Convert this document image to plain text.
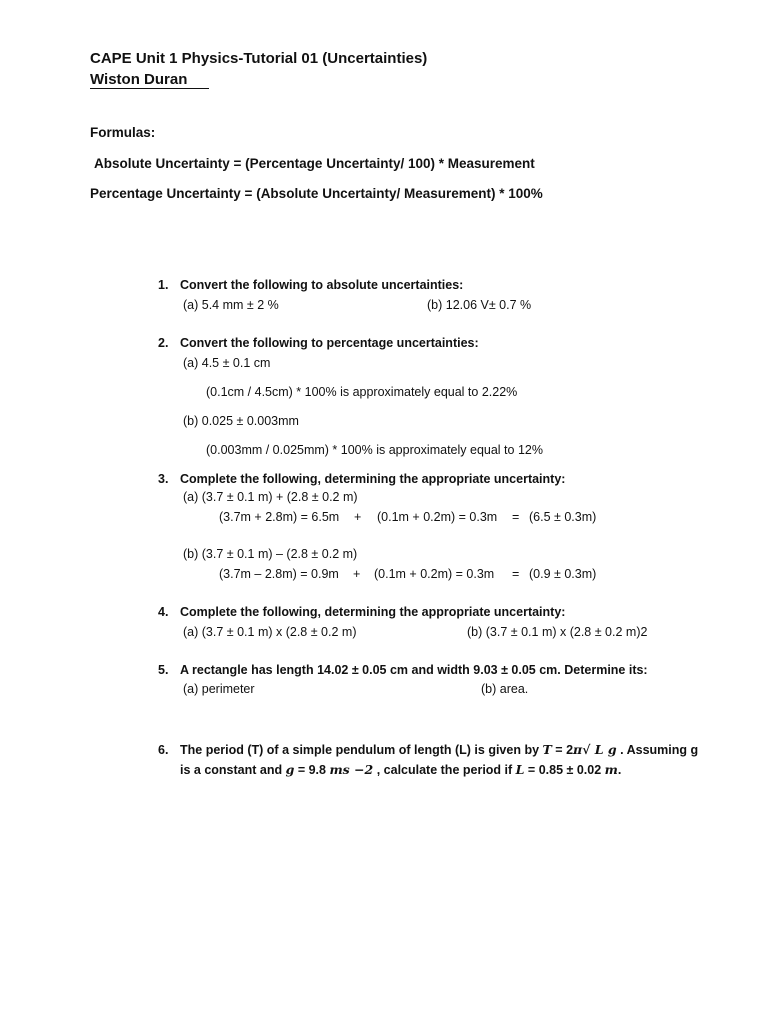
CAPE Unit 1 Physics-Tutorial 01 (Uncertainties)
Wiston Duran
Formulas:
Absolute Uncertainty = (Percentage Uncertainty/ 100) * Measurement
Percentage Uncertainty = (Absolute Uncertainty/ Measurement) * 100%
1. Convert the following to absolute uncertainties:
(a) 5.4 mm ± 2 %	(b) 12.06 V± 0.7 %
2. Convert the following to percentage uncertainties:
(a) 4.5 ± 0.1 cm
(0.1cm / 4.5cm) * 100% is approximately equal to 2.22%
(b) 0.025 ± 0.003mm
(0.003mm / 0.025mm) * 100% is approximately equal to 12%
3. Complete the following, determining the appropriate uncertainty:
(a) (3.7 ± 0.1 m) + (2.8 ± 0.2 m)
(3.7m + 2.8m) = 6.5m + (0.1m + 0.2m) = 0.3m = (6.5 ± 0.3m)
(b) (3.7 ± 0.1 m) – (2.8 ± 0.2 m)
(3.7m – 2.8m) = 0.9m + (0.1m + 0.2m) = 0.3m = (0.9 ± 0.3m)
4. Complete the following, determining the appropriate uncertainty:
(a) (3.7 ± 0.1 m) x (2.8 ± 0.2 m)	(b) (3.7 ± 0.1 m) x (2.8 ± 0.2 m)2
5. A rectangle has length 14.02 ± 0.05 cm and width 9.03 ± 0.05 cm. Determine its:
(a) perimeter	(b) area.
6. The period (T) of a simple pendulum of length (L) is given by T = 2π√ L g . Assuming g
is a constant and g = 9.8 ms −2 , calculate the period if L = 0.85 ± 0.02 m.
